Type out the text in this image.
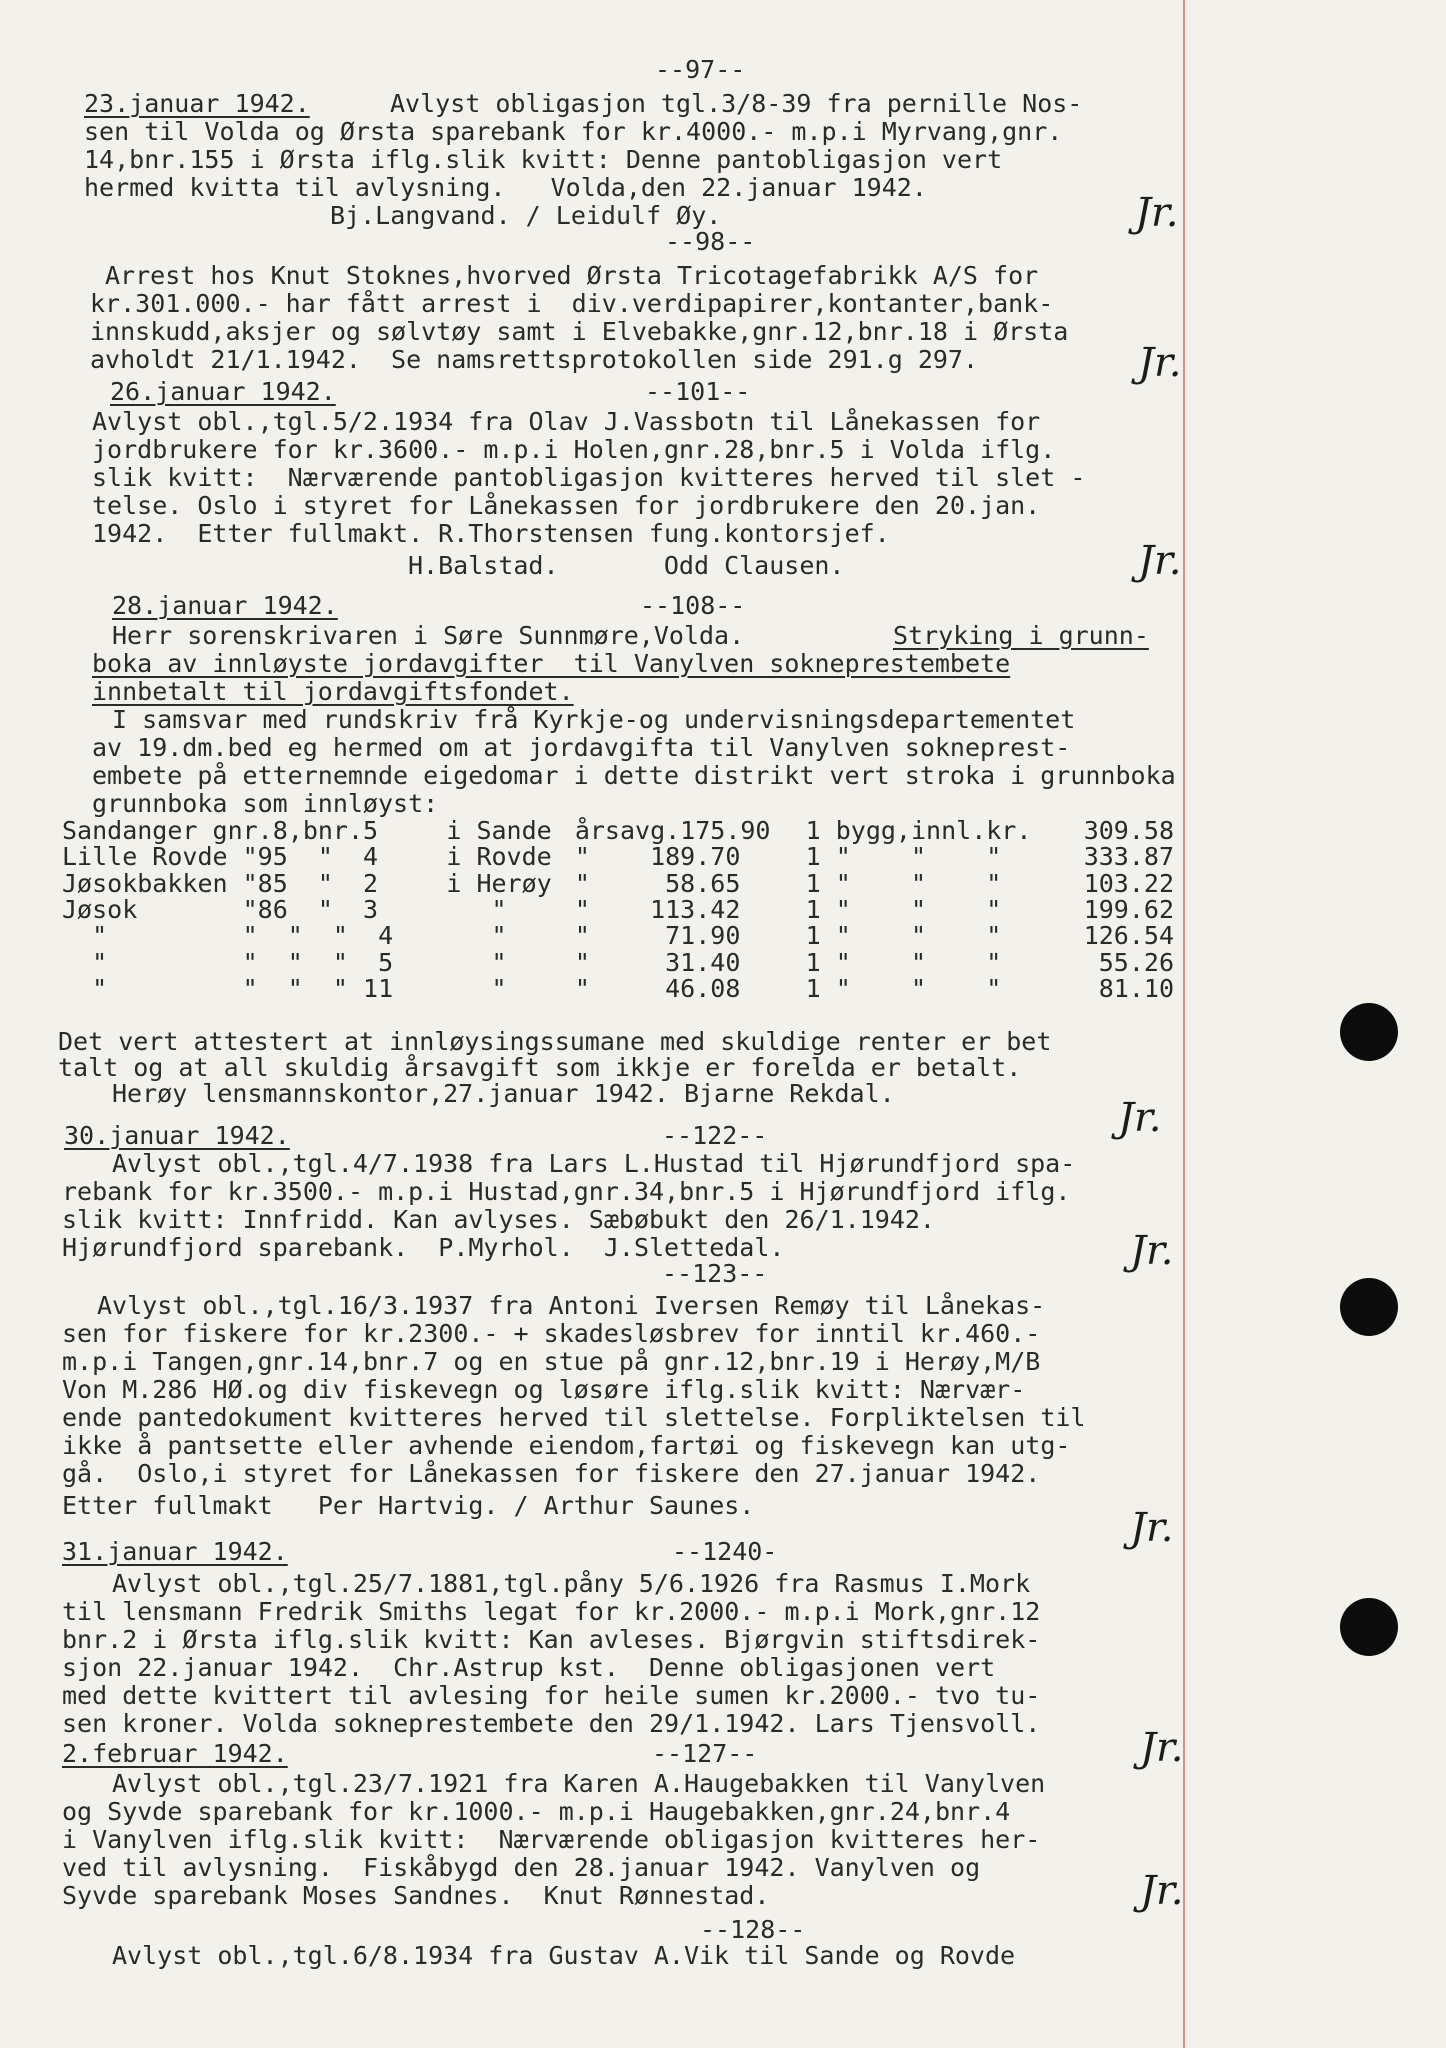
--97--
23.januar 1942.	Avlyst obligasjon tgl.3/8-39 fra pernille Nos-
sen til Volda og Ørsta sparebank for kr.4000.- m.p.i Myrvang,gnr.
14,bnr.155 i Ørsta iflg.slik kvitt: Denne pantobligasjon vert
hermed kvitta til avlysning.   Volda,den 22.januar 1942.
Bj.Langvand. / Leidulf Øy.	Jr.
--98--
Arrest hos Knut Stoknes,hvorved Ørsta Tricotagefabrikk A/S for
kr.301.000.- har fått arrest i  div.verdipapirer,kontanter,bank-
innskudd,aksjer og sølvtøy samt i Elvebakke,gnr.12,bnr.18 i Ørsta
avholdt 21/1.1942.  Se namsrettsprotokollen side 291.g 297.	Jr.
26.januar 1942.	--101--
Avlyst obl.,tgl.5/2.1934 fra Olav J.Vassbotn til Lånekassen for
jordbrukere for kr.3600.- m.p.i Holen,gnr.28,bnr.5 i Volda iflg.
slik kvitt:  Nærværende pantobligasjon kvitteres herved til slet -
telse. Oslo i styret for Lånekassen for jordbrukere den 20.jan.
1942.  Etter fullmakt. R.Thorstensen fung.kontorsjef.
H.Balstad.       Odd Clausen.	Jr.
28.januar 1942.	--108--
Herr sorenskrivaren i Søre Sunnmøre,Volda.	Stryking i grunn-
boka av innløyste jordavgifter  til Vanylven sokneprestembete
innbetalt til jordavgiftsfondet.
I samsvar med rundskriv frå Kyrkje-og undervisningsdepartementet
av 19.dm.bed eg hermed om at jordavgifta til Vanylven sokneprest-
embete på etternemnde eigedomar i dette distrikt vert stroka i grunnboka
grunnboka som innløyst:
Sandanger gnr.8,bnr.5	i Sande	årsavg.175.90	1 bygg,innl.kr.	309.58
Lille Rovde "95  "  4	i Rovde	"    189.70	1 "    "    "	333.87
Jøsokbakken "85  "  2	i Herøy	"     58.65	1 "    "    "	103.22
Jøsok       "86  "  3	"	"    113.42	1 "    "    "	199.62
"         "  "  "  4	"	"     71.90	1 "    "    "	126.54
"         "  "  "  5	"	"     31.40	1 "    "    "	55.26
"         "  "  " 11	"	"     46.08	1 "    "    "	81.10
Det vert attestert at innløysingssumane med skuldige renter er bet
talt og at all skuldig årsavgift som ikkje er forelda er betalt.
Herøy lensmannskontor,27.januar 1942. Bjarne Rekdal.
Jr.
30.januar 1942.	--122--
Avlyst obl.,tgl.4/7.1938 fra Lars L.Hustad til Hjørundfjord spa-
rebank for kr.3500.- m.p.i Hustad,gnr.34,bnr.5 i Hjørundfjord iflg.
slik kvitt: Innfridd. Kan avlyses. Sæbøbukt den 26/1.1942.
Hjørundfjord sparebank.  P.Myrhol.  J.Slettedal.	Jr.
--123--
Avlyst obl.,tgl.16/3.1937 fra Antoni Iversen Remøy til Lånekas-
sen for fiskere for kr.2300.- + skadesløsbrev for inntil kr.460.-
m.p.i Tangen,gnr.14,bnr.7 og en stue på gnr.12,bnr.19 i Herøy,M/B
Von M.286 HØ.og div fiskevegn og løsøre iflg.slik kvitt: Nærvær-
ende pantedokument kvitteres herved til slettelse. Forpliktelsen til
ikke å pantsette eller avhende eiendom,fartøi og fiskevegn kan utg-
gå.  Oslo,i styret for Lånekassen for fiskere den 27.januar 1942.
Etter fullmakt   Per Hartvig. / Arthur Saunes.	Jr.
31.januar 1942.	--1240-
Avlyst obl.,tgl.25/7.1881,tgl.påny 5/6.1926 fra Rasmus I.Mork
til lensmann Fredrik Smiths legat for kr.2000.- m.p.i Mork,gnr.12
bnr.2 i Ørsta iflg.slik kvitt: Kan avleses. Bjørgvin stiftsdirek-
sjon 22.januar 1942.  Chr.Astrup kst.  Denne obligasjonen vert
med dette kvittert til avlesing for heile sumen kr.2000.- tvo tu-
sen kroner. Volda sokneprestembete den 29/1.1942. Lars Tjensvoll.
Jr.
2.februar 1942.	--127--
Avlyst obl.,tgl.23/7.1921 fra Karen A.Haugebakken til Vanylven
og Syvde sparebank for kr.1000.- m.p.i Haugebakken,gnr.24,bnr.4
i Vanylven iflg.slik kvitt:  Nærværende obligasjon kvitteres her-
ved til avlysning.  Fiskåbygd den 28.januar 1942. Vanylven og
Syvde sparebank Moses Sandnes.  Knut Rønnestad.	Jr.
--128--
Avlyst obl.,tgl.6/8.1934 fra Gustav A.Vik til Sande og Rovde
